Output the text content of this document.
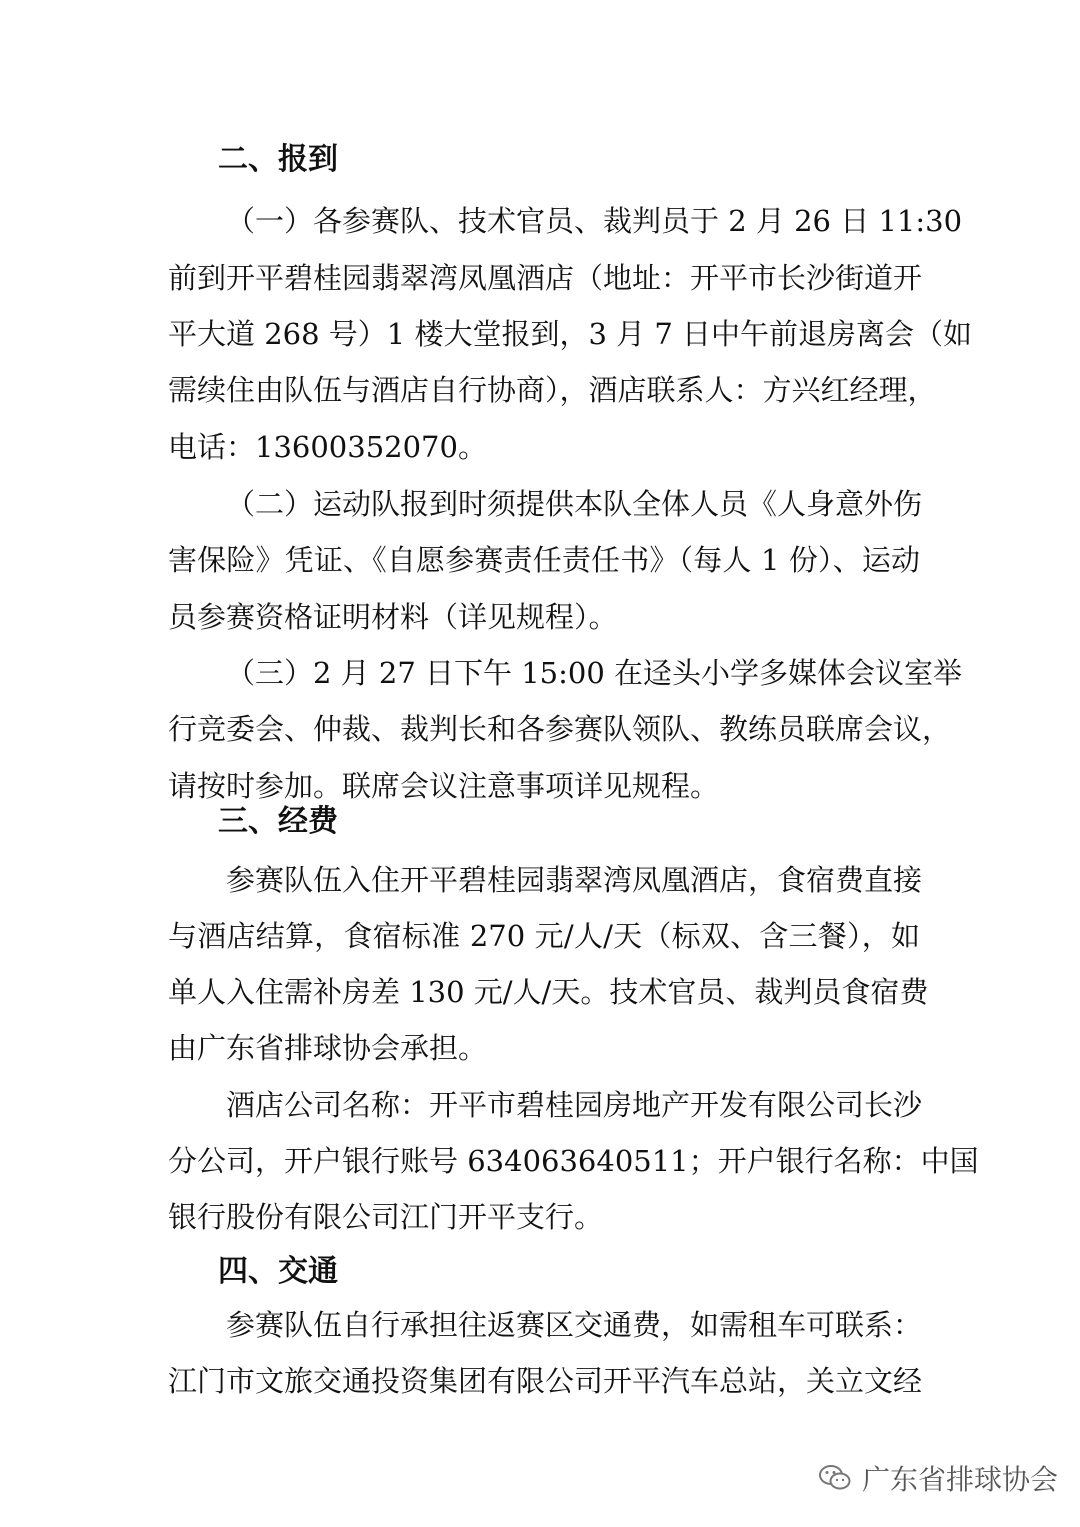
二、报到
（一）各参赛队、技术官员、裁判员于 2 月 26 日 11:30
前到开平碧桂园翡翠湾凤凰酒店（地址：开平市长沙街道开
平大道 268 号）1 楼大堂报到，3 月 7 日中午前退房离会（如
需续住由队伍与酒店自行协商），酒店联系人：方兴红经理，
电话：13600352070。
（二）运动队报到时须提供本队全体人员《人身意外伤
害保险》凭证、《自愿参赛责任责任书》（每人 1 份）、运动
员参赛资格证明材料（详见规程）。
（三）2 月 27 日下午 15:00 在迳头小学多媒体会议室举
行竞委会、仲裁、裁判长和各参赛队领队、教练员联席会议，
请按时参加。联席会议注意事项详见规程。
三、经费
参赛队伍入住开平碧桂园翡翠湾凤凰酒店，食宿费直接
与酒店结算，食宿标准 270 元/人/天（标双、含三餐），如
单人入住需补房差 130 元/人/天。技术官员、裁判员食宿费
由广东省排球协会承担。
酒店公司名称：开平市碧桂园房地产开发有限公司长沙
分公司，开户银行账号 634063640511；开户银行名称：中国
银行股份有限公司江门开平支行。
四、交通
参赛队伍自行承担往返赛区交通费，如需租车可联系：
江门市文旅交通投资集团有限公司开平汽车总站，关立文经
广东省排球协会
